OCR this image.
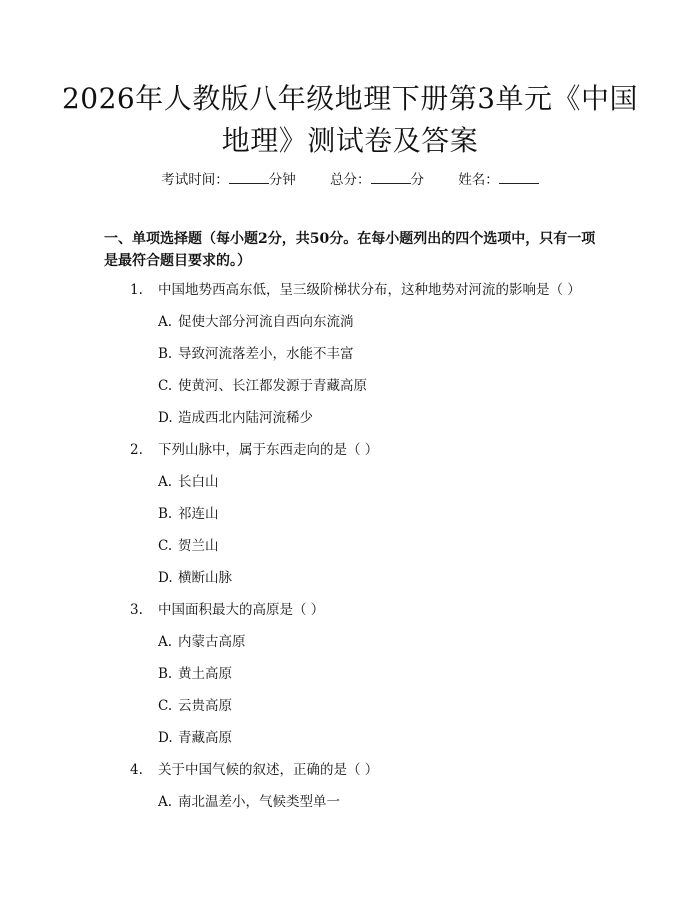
2026年人教版八年级地理下册第3单元《中国地理》测试卷及答案
考试时间：	分钟	总分：	分	姓名：
一、单项选择题（每小题2分，共50分。在每小题列出的四个选项中，只有一项是最符合题目要求的。）
1. 中国地势西高东低，呈三级阶梯状分布，这种地势对河流的影响是（ ）
A. 促使大部分河流自西向东流淌
B. 导致河流落差小，水能不丰富
C. 使黄河、长江都发源于青藏高原
D. 造成西北内陆河流稀少
2. 下列山脉中，属于东西走向的是（ ）
A. 长白山
B. 祁连山
C. 贺兰山
D. 横断山脉
3. 中国面积最大的高原是（ ）
A. 内蒙古高原
B. 黄土高原
C. 云贵高原
D. 青藏高原
4. 关于中国气候的叙述，正确的是（ ）
A. 南北温差小，气候类型单一
